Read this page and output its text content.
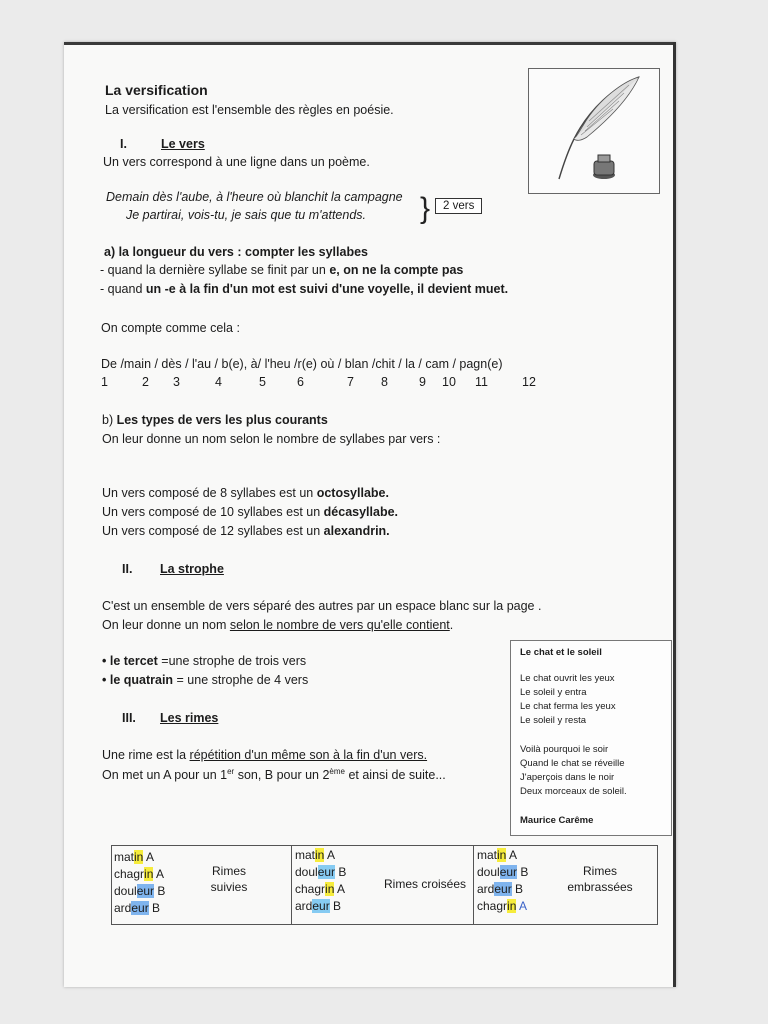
La versification
La versification est l'ensemble des règles en poésie.
I.	Le vers
Un vers correspond à une ligne dans un poème.
Demain dès l'aube, à l'heure où blanchit la campagne
Je partirai, vois-tu, je sais que tu m'attends. }	2 vers
a) la longueur du vers : compter les syllabes
- quand la dernière syllabe se finit par un e, on ne la compte pas
- quand un -e à la fin d'un mot est suivi d'une voyelle, il devient muet.
On compte comme cela :
De /main / dès / l'au / b(e), à/ l'heu /r(e) où / blan /chit / la / cam / pagn(e)
1	2 3	4	5 6	7 8 9 10 11	12
b) Les types de vers les plus courants
On leur donne un nom selon le nombre de syllabes par vers :
Un vers composé de 8 syllabes est un octosyllabe.
Un vers composé de 10 syllabes est un décasyllabe.
Un vers composé de 12 syllabes est un alexandrin.
II. La strophe
C'est un ensemble de vers séparé des autres par un espace blanc sur la page .
On leur donne un nom selon le nombre de vers qu'elle contient.
• le tercet =une strophe de trois vers
• le quatrain = une strophe de 4 vers
III. Les rimes
Une rime est la répétition d'un même son à la fin d'un vers.
On met un A pour un 1er son, B pour un 2ème et ainsi de suite...

Le chat et le soleil

Le chat ouvrit les yeux

Le soleil y entra

Le chat ferma les yeux

Le soleil y resta

Voilà pourquoi le soir

Quand le chat se réveille

J'aperçois dans le noir

Deux morceaux de soleil.

Maurice Carême

matin A
chagrin A
douleur B
ardeur B
Rimes
suivies
matin A
douleur B
chagrin A
ardeur B
Rimes croisées
matin A
douleur B
ardeur B
chagrin A
Rimes
embrassées
